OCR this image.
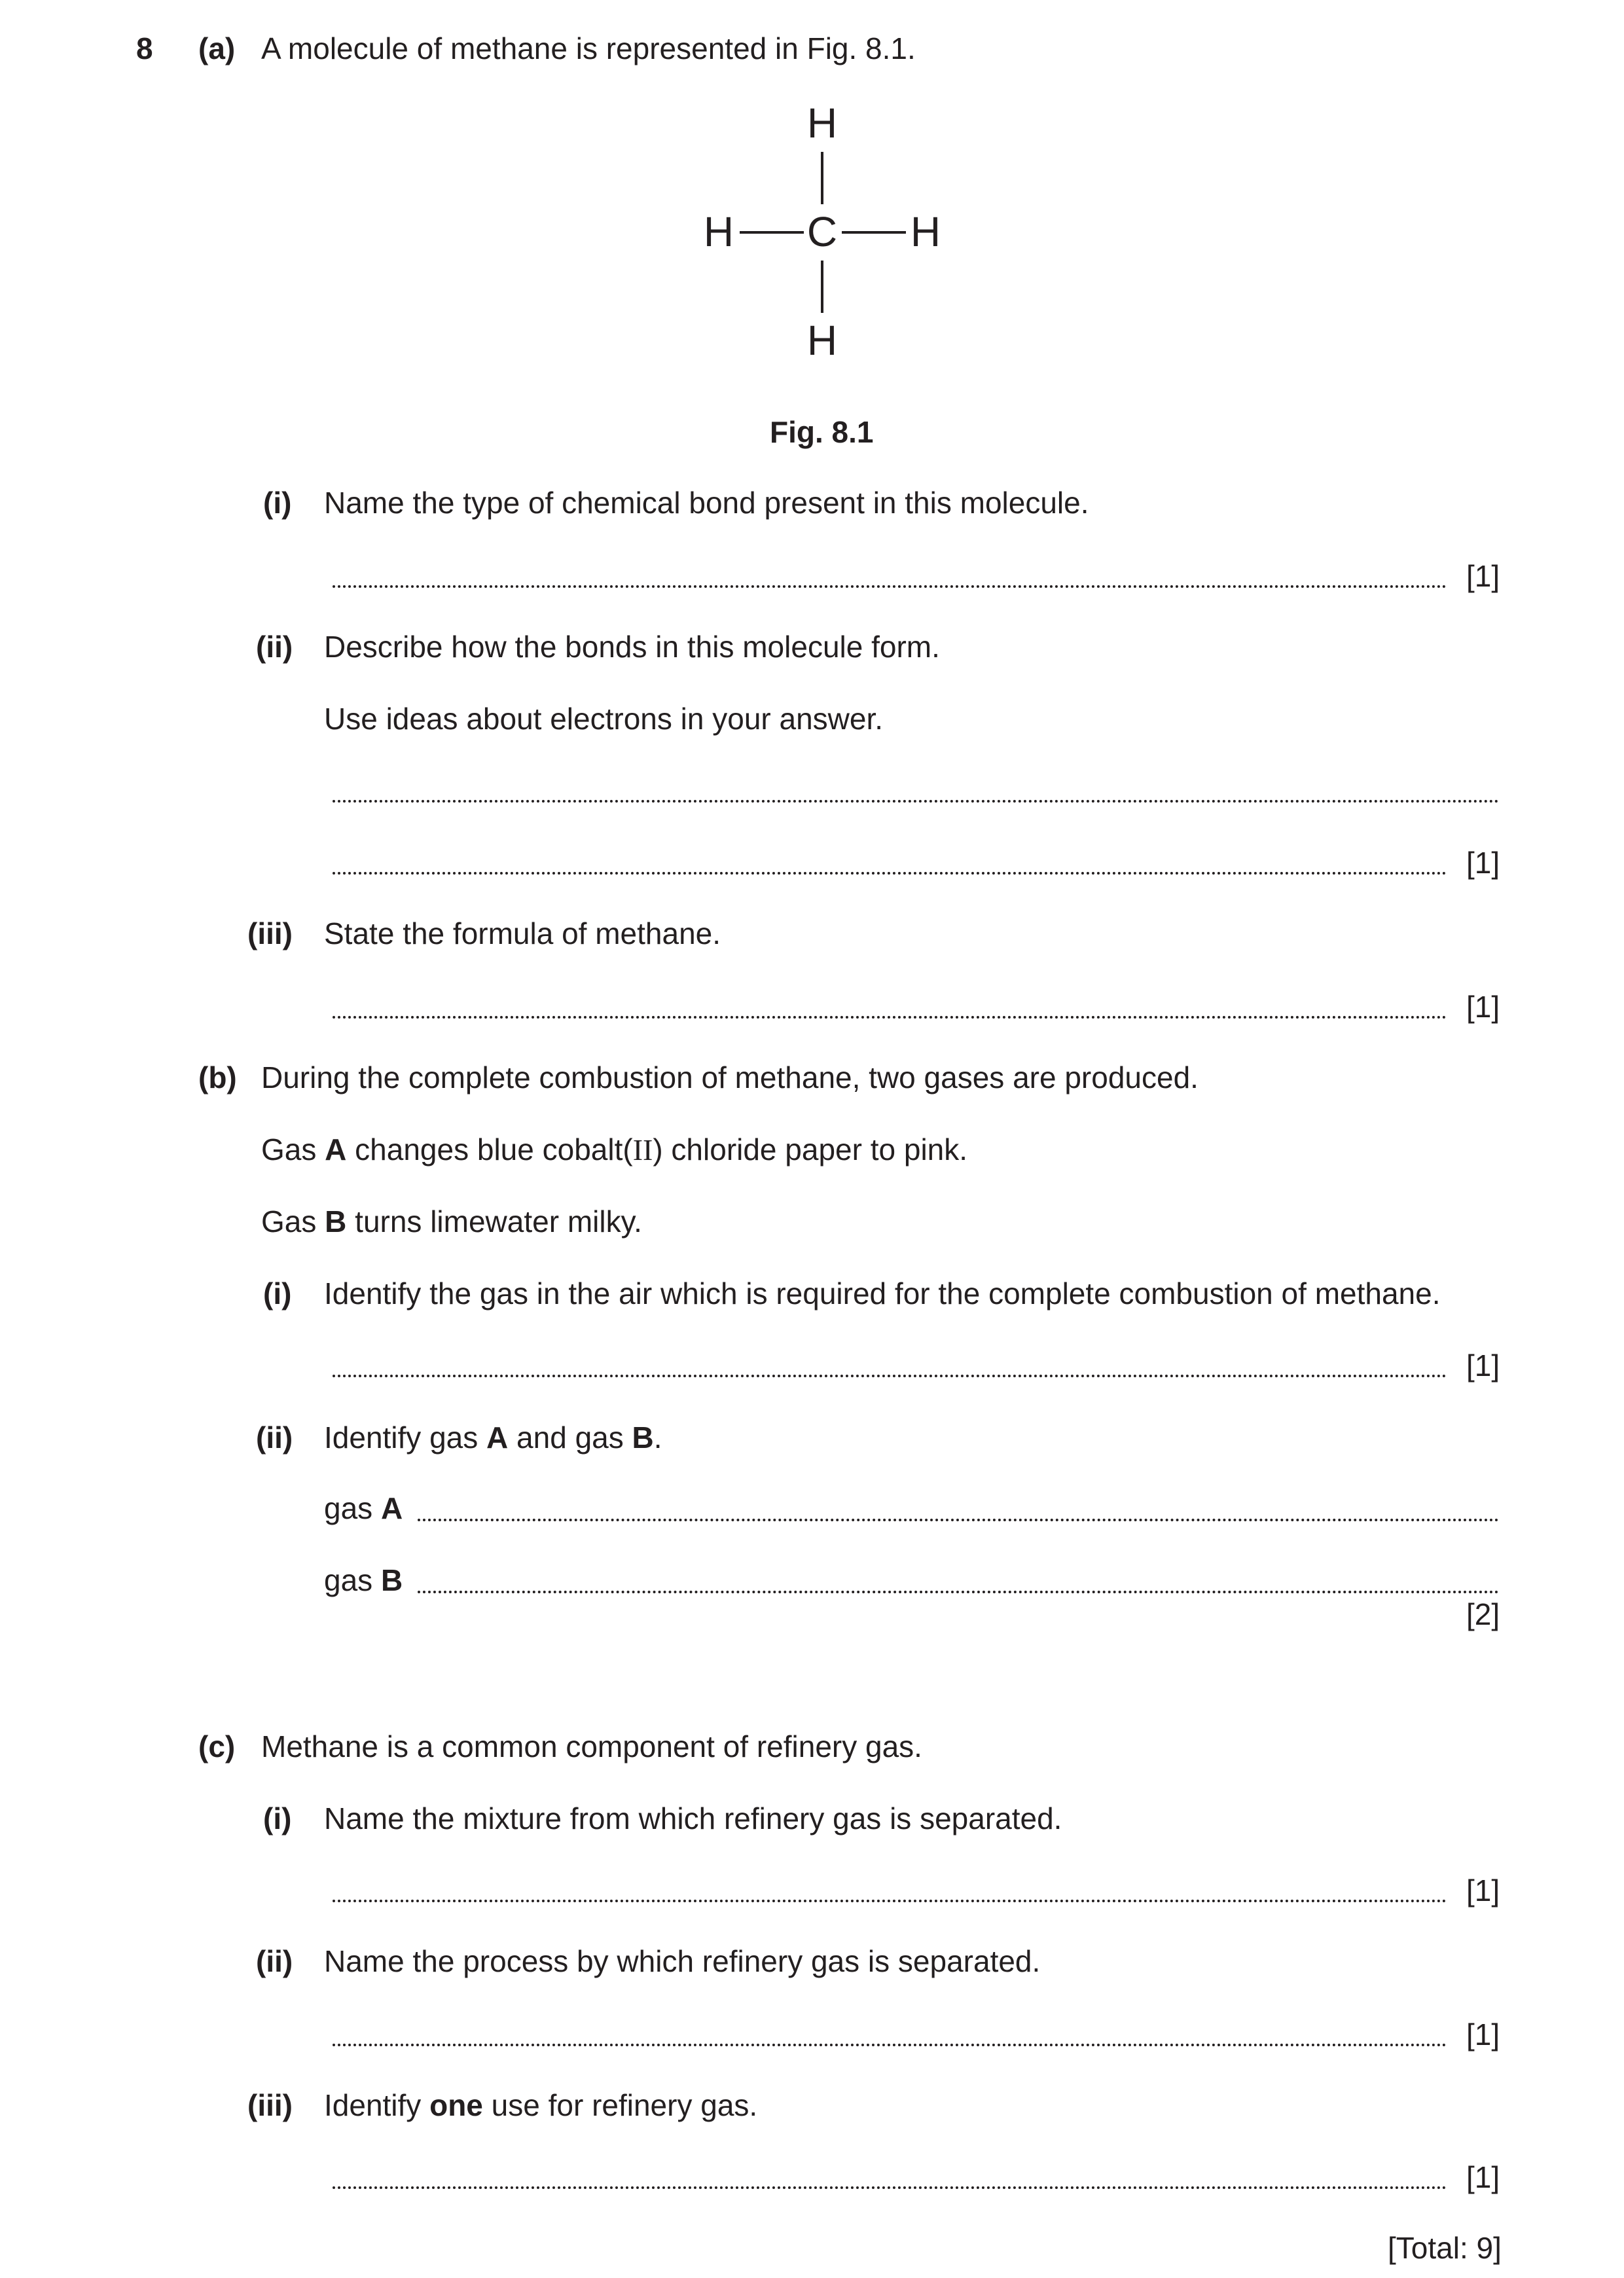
8 (a) A molecule of methane is represented in Fig. 8.1.
H
C
H
H	H
Fig. 8.1
(i) Name the type of chemical bond present in this molecule.
[1]
(ii) Describe how the bonds in this molecule form.
Use ideas about electrons in your answer.
[1]
(iii) State the formula of methane.
[1]
(b) During the complete combustion of methane, two gases are produced.
Gas A changes blue cobalt(II) chloride paper to pink.
Gas B turns limewater milky.
(i) Identify the gas in the air which is required for the complete combustion of methane.
[1]
(ii) Identify gas A and gas B.
gas A
gas B
[2]
(c) Methane is a common component of refinery gas.
(i) Name the mixture from which refinery gas is separated.
[1]
(ii) Name the process by which refinery gas is separated.
[1]
(iii) Identify one use for refinery gas.
[1]
[Total: 9]
